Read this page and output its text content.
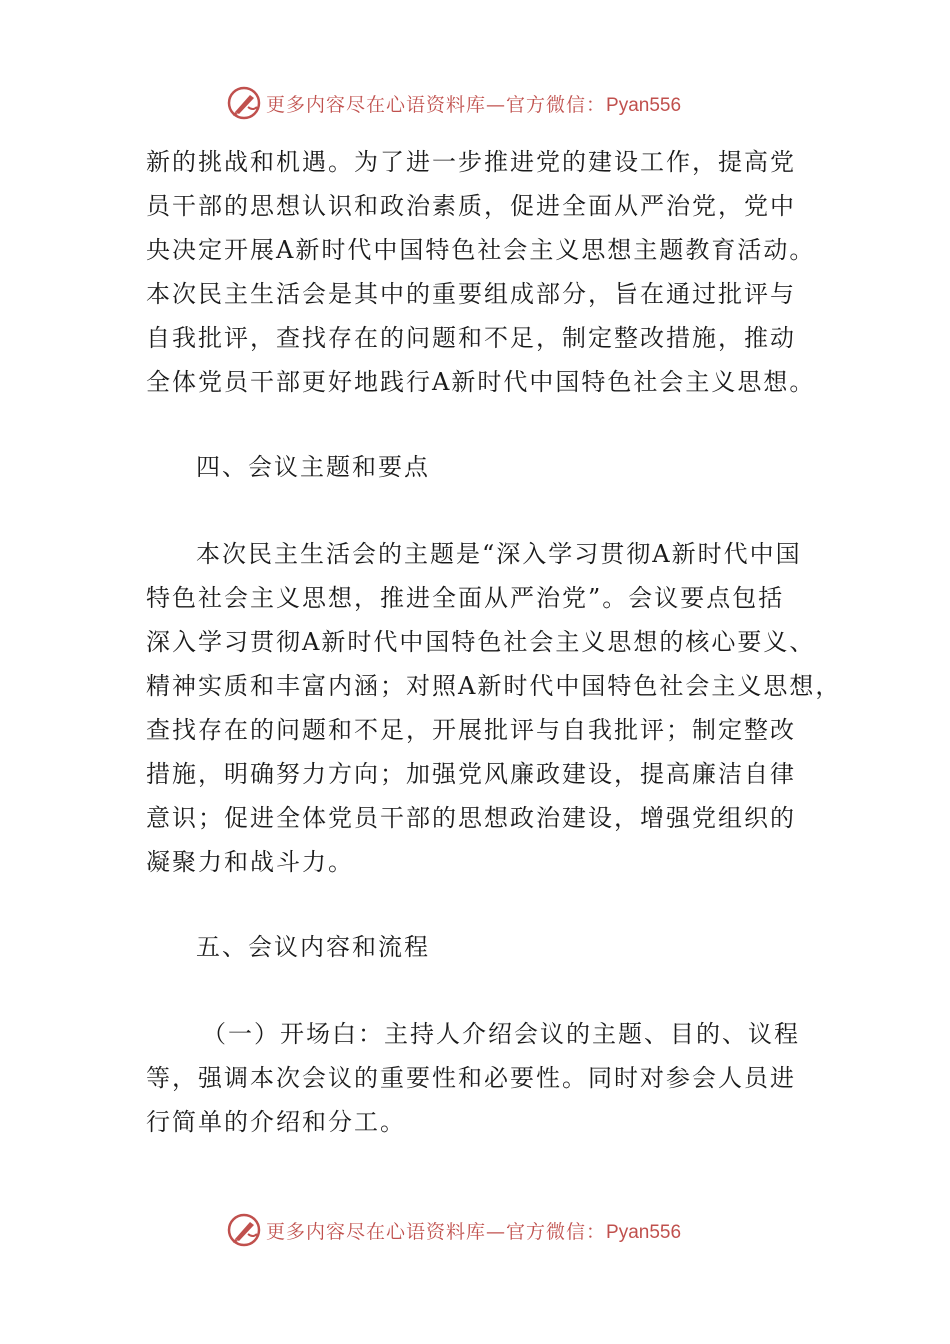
更多内容尽在心语资料库—官方微信：Pyan556
新的挑战和机遇。为了进一步推进党的建设工作，提高党
员干部的思想认识和政治素质，促进全面从严治党，党中
央决定开展A新时代中国特色社会主义思想主题教育活动。
本次民主生活会是其中的重要组成部分，旨在通过批评与
自我批评，查找存在的问题和不足，制定整改措施，推动
全体党员干部更好地践行A新时代中国特色社会主义思想。
四、会议主题和要点
本次民主生活会的主题是“深入学习贯彻A新时代中国
特色社会主义思想，推进全面从严治党”。会议要点包括
深入学习贯彻A新时代中国特色社会主义思想的核心要义、
精神实质和丰富内涵；对照A新时代中国特色社会主义思想，
查找存在的问题和不足，开展批评与自我批评；制定整改
措施，明确努力方向；加强党风廉政建设，提高廉洁自律
意识；促进全体党员干部的思想政治建设，增强党组织的
凝聚力和战斗力。
五、会议内容和流程
（一）开场白：主持人介绍会议的主题、目的、议程
等，强调本次会议的重要性和必要性。同时对参会人员进
行简单的介绍和分工。
更多内容尽在心语资料库—官方微信：Pyan556
